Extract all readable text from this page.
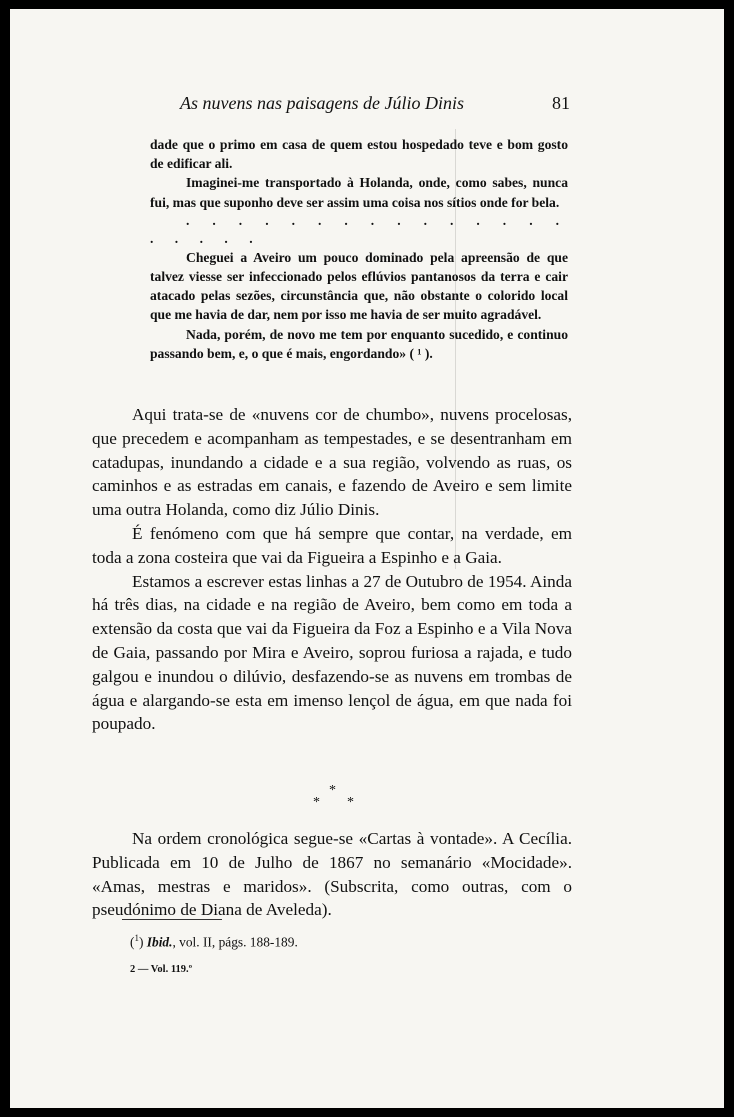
As nuvens nas paisagens de Júlio Dinis	81

dade que o primo em casa de quem estou hospedado teve e bom gosto de edificar ali.

Imaginei-me transportado à Holanda, onde, como sabes, nunca fui, mas que suponho deve ser assim uma coisa nos sítios onde for bela.

. . . . . . . . . . . . . . . . . . . .

Cheguei a Aveiro um pouco dominado pela apreensão de que talvez viesse ser infeccionado pelos eflúvios pantanosos da terra e cair atacado pelas sezões, circunstância que, não obstante o colorido local que me havia de dar, nem por isso me havia de ser muito agradável.

Nada, porém, de novo me tem por enquanto sucedido, e continuo passando bem, e, o que é mais, engordando» ( ¹ ).

Aqui trata-se de «nuvens cor de chumbo», nuvens procelosas, que precedem e acompanham as tempestades, e se desentranham em catadupas, inundando a cidade e a sua região, volvendo as ruas, os caminhos e as estradas em canais, e fazendo de Aveiro e sem limite uma outra Holanda, como diz Júlio Dinis.

É fenómeno com que há sempre que contar, na verdade, em toda a zona costeira que vai da Figueira a Espinho e a Gaia.

Estamos a escrever estas linhas a 27 de Outubro de 1954. Ainda há três dias, na cidade e na região de Aveiro, bem como em toda a extensão da costa que vai da Figueira da Foz a Espinho e a Vila Nova de Gaia, passando por Mira e Aveiro, soprou furiosa a rajada, e tudo galgou e inundou o dilúvio, desfazendo-se as nuvens em trombas de água e alargando-se esta em imenso lençol de água, em que nada foi poupado.

*
* *

Na ordem cronológica segue-se «Cartas à vontade». A Cecília. Publicada em 10 de Julho de 1867 no semanário «Mocidade». «Amas, mestras e maridos». (Subscrita, como outras, com o pseudónimo de Diana de Aveleda).

($^1$) Ibid., vol. II, págs. 188-189.
2 — Vol. 119.º
